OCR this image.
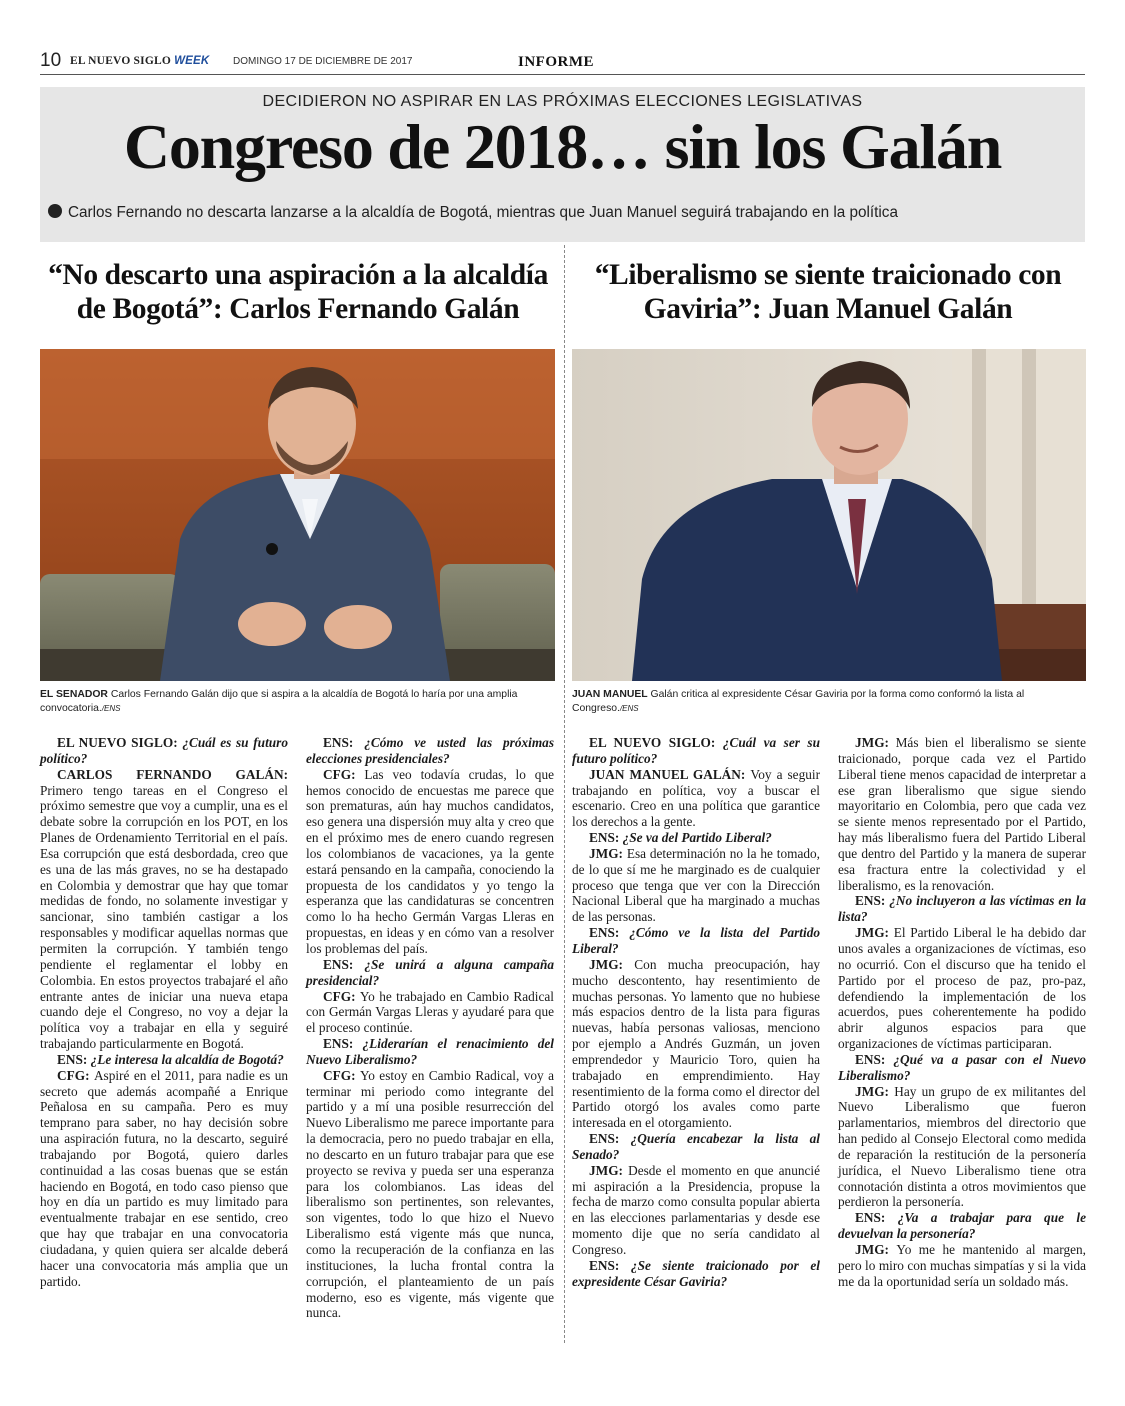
10 EL NUEVO SIGLO WEEK DOMINGO 17 DE DICIEMBRE DE 2017	INFORME
DECIDIERON NO ASPIRAR EN LAS PRÓXIMAS ELECCIONES LEGISLATIVAS
Congreso de 2018… sin los Galán
Carlos Fernando no descarta lanzarse a la alcaldía de Bogotá, mientras que Juan Manuel seguirá trabajando en la política
“No descarto una aspiración a la alcaldía de Bogotá”: Carlos Fernando Galán
“Liberalismo se siente traicionado con Gaviria”: Juan Manuel Galán
EL SENADOR Carlos Fernando Galán dijo que si aspira a la alcaldía de Bogotá lo haría por una amplia convocatoria./ENS
JUAN MANUEL Galán critica al expresidente César Gaviria por la forma como conformó la lista al Congreso./ENS

EL NUEVO SIGLO: ¿Cuál es su futuro político?

CARLOS FERNANDO GALÁN: Primero tengo tareas en el Congreso el próximo semestre que voy a cumplir, una es el debate sobre la corrupción en los POT, en los Planes de Ordenamiento Territorial en el país. Esa corrupción que está desbordada, creo que es una de las más graves, no se ha destapado en Colombia y demostrar que hay que tomar medidas de fondo, no solamente investigar y sancionar, sino también castigar a los responsables y modificar aquellas normas que permiten la corrupción. Y también tengo pendiente el reglamentar el lobby en Colombia. En estos proyectos trabajaré el año entrante antes de iniciar una nueva etapa cuando deje el Congreso, no voy a dejar la política voy a trabajar en ella y seguiré trabajando particularmente en Bogotá.

ENS: ¿Le interesa la alcaldía de Bogotá?

CFG: Aspiré en el 2011, para nadie es un secreto que además acompañé a Enrique Peñalosa en su campaña. Pero es muy temprano para saber, no hay decisión sobre una aspiración futura, no la descarto, seguiré trabajando por Bogotá, quiero darles continuidad a las cosas buenas que se están haciendo en Bogotá, en todo caso pienso que hoy en día un partido es muy limitado para eventualmente trabajar en ese sentido, creo que hay que trabajar en una convocatoria ciudadana, y quien quiera ser alcalde deberá hacer una convocatoria más amplia que un partido.

ENS: ¿Cómo ve usted las próximas elecciones presidenciales?

CFG: Las veo todavía crudas, lo que hemos conocido de encuestas me parece que son prematuras, aún hay muchos candidatos, eso genera una dispersión muy alta y creo que en el próximo mes de enero cuando regresen los colombianos de vacaciones, ya la gente estará pensando en la campaña, conociendo la propuesta de los candidatos y yo tengo la esperanza que las candidaturas se concentren como lo ha hecho Germán Vargas Lleras en propuestas, en ideas y en cómo van a resolver los problemas del país.

ENS: ¿Se unirá a alguna campaña presidencial?

CFG: Yo he trabajado en Cambio Radical con Germán Vargas Lleras y ayudaré para que el proceso continúe.

ENS: ¿Liderarían el renacimiento del Nuevo Liberalismo?

CFG: Yo estoy en Cambio Radical, voy a terminar mi periodo como integrante del partido y a mí una posible resurrección del Nuevo Liberalismo me parece importante para la democracia, pero no puedo trabajar en ella, no descarto en un futuro trabajar para que ese proyecto se reviva y pueda ser una esperanza para los colombianos. Las ideas del liberalismo son pertinentes, son relevantes, son vigentes, todo lo que hizo el Nuevo Liberalismo está vigente más que nunca, como la recuperación de la confianza en las instituciones, la lucha frontal contra la corrupción, el planteamiento de un país moderno, eso es vigente, más vigente que nunca.

EL NUEVO SIGLO: ¿Cuál va ser su futuro político?

JUAN MANUEL GALÁN: Voy a seguir trabajando en política, voy a buscar el escenario. Creo en una política que garantice los derechos a la gente.

ENS: ¿Se va del Partido Liberal?

JMG: Esa determinación no la he tomado, de lo que sí me he marginado es de cualquier proceso que tenga que ver con la Dirección Nacional Liberal que ha marginado a muchas de las personas.

ENS: ¿Cómo ve la lista del Partido Liberal?

JMG: Con mucha preocupación, hay mucho descontento, hay resentimiento de muchas personas. Yo lamento que no hubiese más espacios dentro de la lista para figuras nuevas, había personas valiosas, menciono por ejemplo a Andrés Guzmán, un joven emprendedor y Mauricio Toro, quien ha trabajado en emprendimiento. Hay resentimiento de la forma como el director del Partido otorgó los avales como parte interesada en el otorgamiento.

ENS: ¿Quería encabezar la lista al Senado?

JMG: Desde el momento en que anuncié mi aspiración a la Presidencia, propuse la fecha de marzo como consulta popular abierta en las elecciones parlamentarias y desde ese momento dije que no sería candidato al Congreso.

ENS: ¿Se siente traicionado por el expresidente César Gaviria?

JMG: Más bien el liberalismo se siente traicionado, porque cada vez el Partido Liberal tiene menos capacidad de interpretar a ese gran liberalismo que sigue siendo mayoritario en Colombia, pero que cada vez se siente menos representado por el Partido, hay más liberalismo fuera del Partido Liberal que dentro del Partido y la manera de superar esa fractura entre la colectividad y el liberalismo, es la renovación.

ENS: ¿No incluyeron a las víctimas en la lista?

JMG: El Partido Liberal le ha debido dar unos avales a organizaciones de víctimas, eso no ocurrió. Con el discurso que ha tenido el Partido por el proceso de paz, pro-paz, defendiendo la implementación de los acuerdos, pues coherentemente ha podido abrir algunos espacios para que organizaciones de víctimas participaran.

ENS: ¿Qué va a pasar con el Nuevo Liberalismo?

JMG: Hay un grupo de ex militantes del Nuevo Liberalismo que fueron parlamentarios, miembros del directorio que han pedido al Consejo Electoral como medida de reparación la restitución de la personería jurídica, el Nuevo Liberalismo tiene otra connotación distinta a otros movimientos que perdieron la personería.

ENS: ¿Va a trabajar para que le devuelvan la personería?

JMG: Yo me he mantenido al margen, pero lo miro con muchas simpatías y si la vida me da la oportunidad sería un soldado más.
